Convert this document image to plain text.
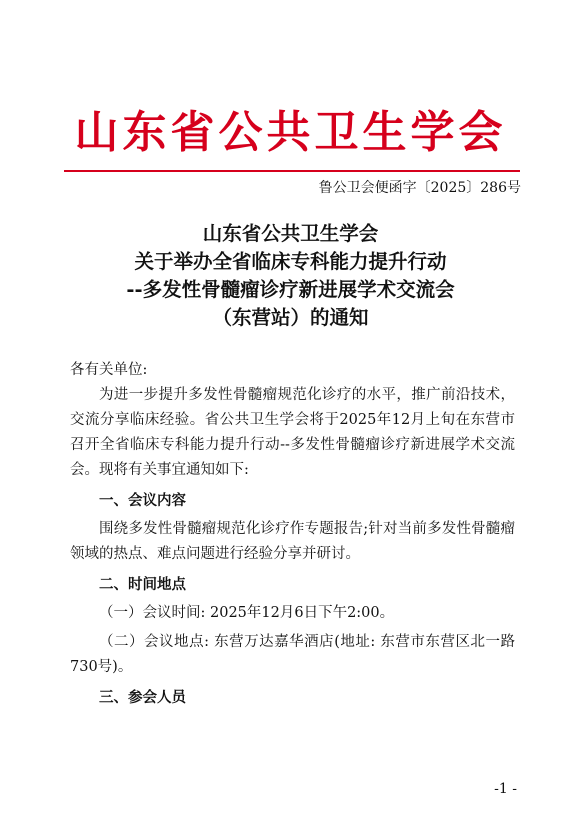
山东省公共卫生学会
鲁公卫会便函字〔2025〕286号
山东省公共卫生学会
关于举办全省临床专科能力提升行动
--多发性骨髓瘤诊疗新进展学术交流会
（东营站）的通知

各有关单位:

为进一步提升多发性骨髓瘤规范化诊疗的水平，推广前沿技术，交流分享临床经验。省公共卫生学会将于2025年12月上旬在东营市召开全省临床专科能力提升行动--多发性骨髓瘤诊疗新进展学术交流会。现将有关事宜通知如下:

一、会议内容

围绕多发性骨髓瘤规范化诊疗作专题报告;针对当前多发性骨髓瘤领域的热点、难点问题进行经验分享并研讨。

二、时间地点

（一）会议时间: 2025年12月6日下午2:00。

（二）会议地点: 东营万达嘉华酒店(地址: 东营市东营区北一路730号)。

三、参会人员
-1 -
